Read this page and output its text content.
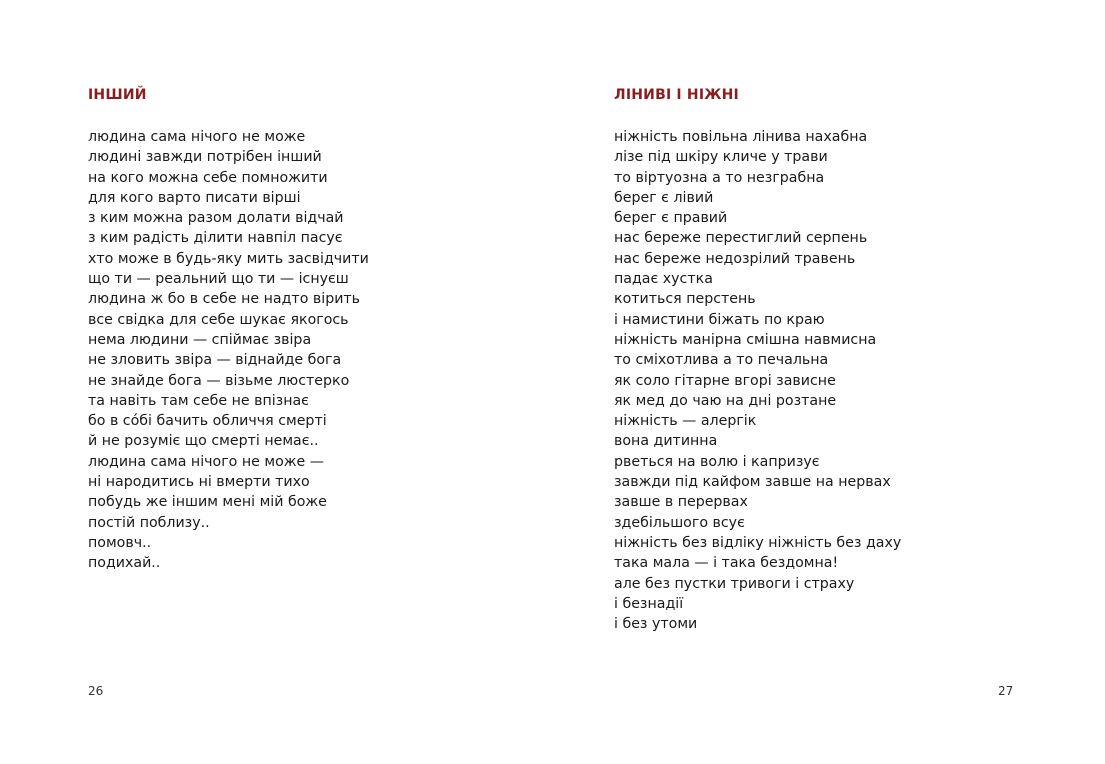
ІНШИЙ
людина сама нічого не може
людині завжди потрібен інший
на кого можна себе помножити
для кого варто писати вірші
з ким можна разом долати відчай
з ким радість ділити навпіл пасує
хто може в будь-яку мить засвідчити
що ти — реальний що ти — існуєш
людина ж бо в себе не надто вірить
все свідка для себе шукає якогось
нема людини — спіймає звіра
не зловить звіра — віднайде бога
не знайде бога — візьме люстерко
та навіть там себе не впізнає
бо в сóбі бачить обличчя смерті
й не розуміє що смерті немає..
людина сама нічого не може —
ні народитись ні вмерти тихо
побудь же іншим мені мій боже
постій поблизу..
помовч..
подихай..
26
ЛІНИВІ І НІЖНІ
ніжність повільна лінива нахабна
лізе під шкіру кличе у трави
то віртуозна а то незграбна
берег є лівий
берег є правий
нас береже перестиглий серпень
нас береже недозрілий травень
падає хустка
котиться перстень
і намистини біжать по краю
ніжність манірна смішна навмисна
то сміхотлива а то печальна
як соло гітарне вгорі зависне
як мед до чаю на дні розтане
ніжність — алергік
вона дитинна
рветься на волю і капризує
завжди під кайфом завше на нервах
завше в перервах
здебільшого всує
ніжність без відліку ніжність без даху
така мала — і така бездомна!
але без пустки тривоги і страху
і безнадії
і без утоми
27
